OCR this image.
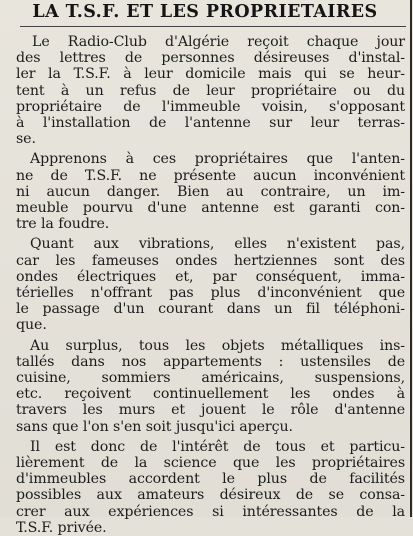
LA T.S.F. ET LES PROPRIETAIRES
Le Radio-Club d'Algérie reçoit chaque jour
des lettres de personnes désireuses d'instal-
ler la T.S.F. à leur domicile mais qui se heur-
tent à un refus de leur propriétaire ou du
propriétaire de l'immeuble voisin, s'opposant
à l'installation de l'antenne sur leur terras-
se.
Apprenons à ces propriétaires que l'anten-
ne de T.S.F. ne présente aucun inconvénient
ni aucun danger. Bien au contraire, un im-
meuble pourvu d'une antenne est garanti con-
tre la foudre.
Quant aux vibrations, elles n'existent pas,
car les fameuses ondes hertziennes sont des
ondes électriques et, par conséquent, imma-
térielles n'offrant pas plus d'inconvénient que
le passage d'un courant dans un fil téléphoni-
que.
Au surplus, tous les objets métalliques ins-
tallés dans nos appartements : ustensiles de
cuisine, sommiers américains, suspensions,
etc. reçoivent continuellement les ondes à
travers les murs et jouent le rôle d'antenne
sans que l'on s'en soit jusqu'ici aperçu.
Il est donc de l'intérêt de tous et particu-
lièrement de la science que les propriétaires
d'immeubles accordent le plus de facilités
possibles aux amateurs désireux de se consa-
crer aux expériences si intéressantes de la
T.S.F. privée.
